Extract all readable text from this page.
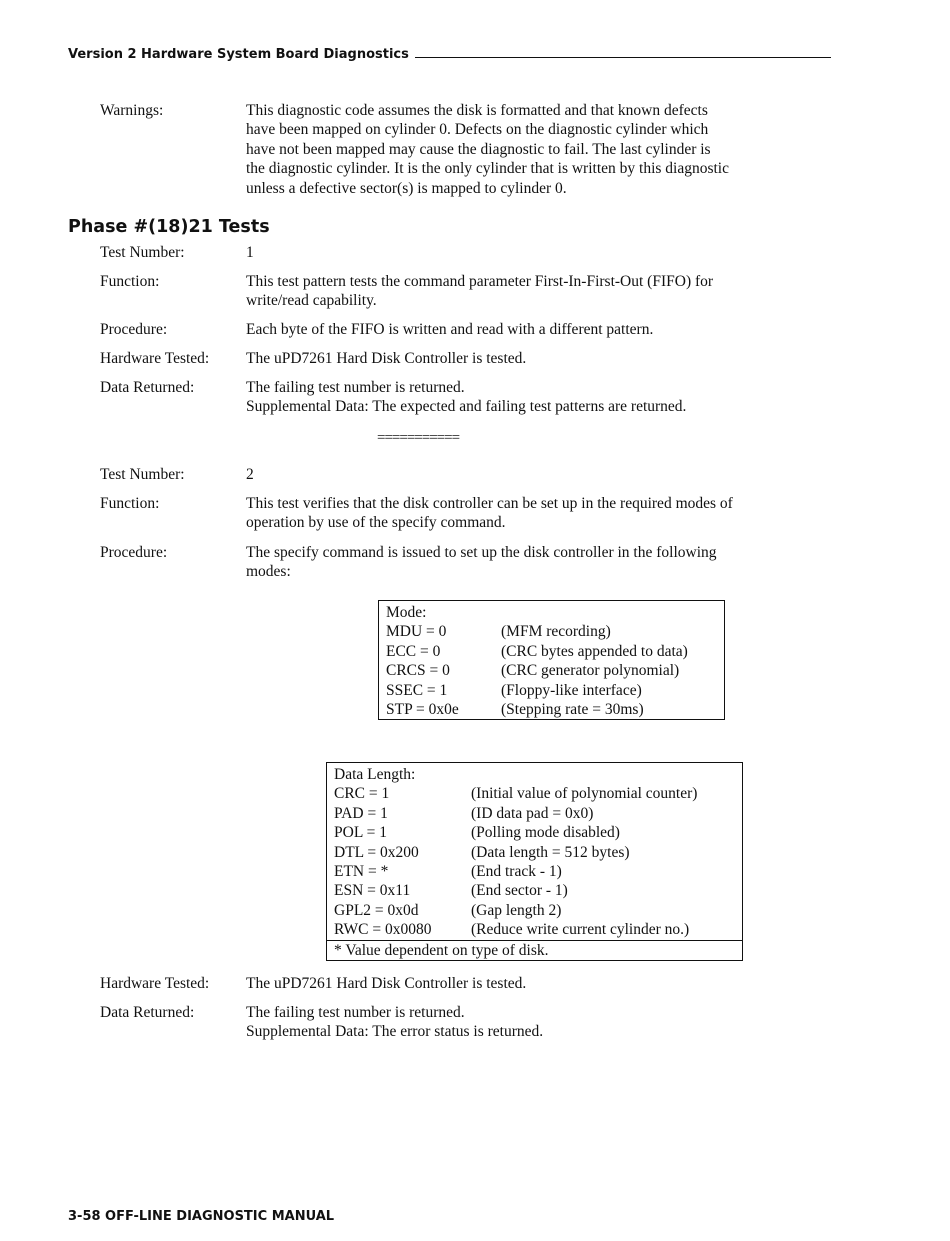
Version 2 Hardware System Board Diagnostics
Warnings:	This diagnostic code assumes the disk is formatted and that known defects
have been mapped on cylinder 0. Defects on the diagnostic cylinder which
have not been mapped may cause the diagnostic to fail. The last cylinder is
the diagnostic cylinder. It is the only cylinder that is written by this diagnostic
unless a defective sector(s) is mapped to cylinder 0.
Phase #(18)21 Tests
Test Number:	1
Function:	This test pattern tests the command parameter First-In-First-Out (FIFO) for
write/read capability.
Procedure:	Each byte of the FIFO is written and read with a different pattern.
Hardware Tested: The uPD7261 Hard Disk Controller is tested.
Data Returned:	The failing test number is returned.
Supplemental Data: The expected and failing test patterns are returned.
===========
Test Number:	2
Function:	This test verifies that the disk controller can be set up in the required modes of
operation by use of the specify command.
Procedure:	The specify command is issued to set up the disk controller in the following
modes:
Mode:	
MDU = 0	(MFM recording)
ECC = 0	(CRC bytes appended to data)
CRCS = 0	(CRC generator polynomial)
SSEC = 1	(Floppy-like interface)
STP = 0x0e	(Stepping rate = 30ms)
Data Length:	
CRC = 1	(Initial value of polynomial counter)
PAD = 1	(ID data pad = 0x0)
POL = 1	(Polling mode disabled)
DTL = 0x200	(Data length = 512 bytes)
ETN = *	(End track - 1)
ESN = 0x11	(End sector - 1)
GPL2 = 0x0d	(Gap length 2)
RWC = 0x0080	(Reduce write current cylinder no.)
* Value dependent on type of disk.	
Hardware Tested: The uPD7261 Hard Disk Controller is tested.
Data Returned:	The failing test number is returned.
Supplemental Data: The error status is returned.
3-58 OFF-LINE DIAGNOSTIC MANUAL
